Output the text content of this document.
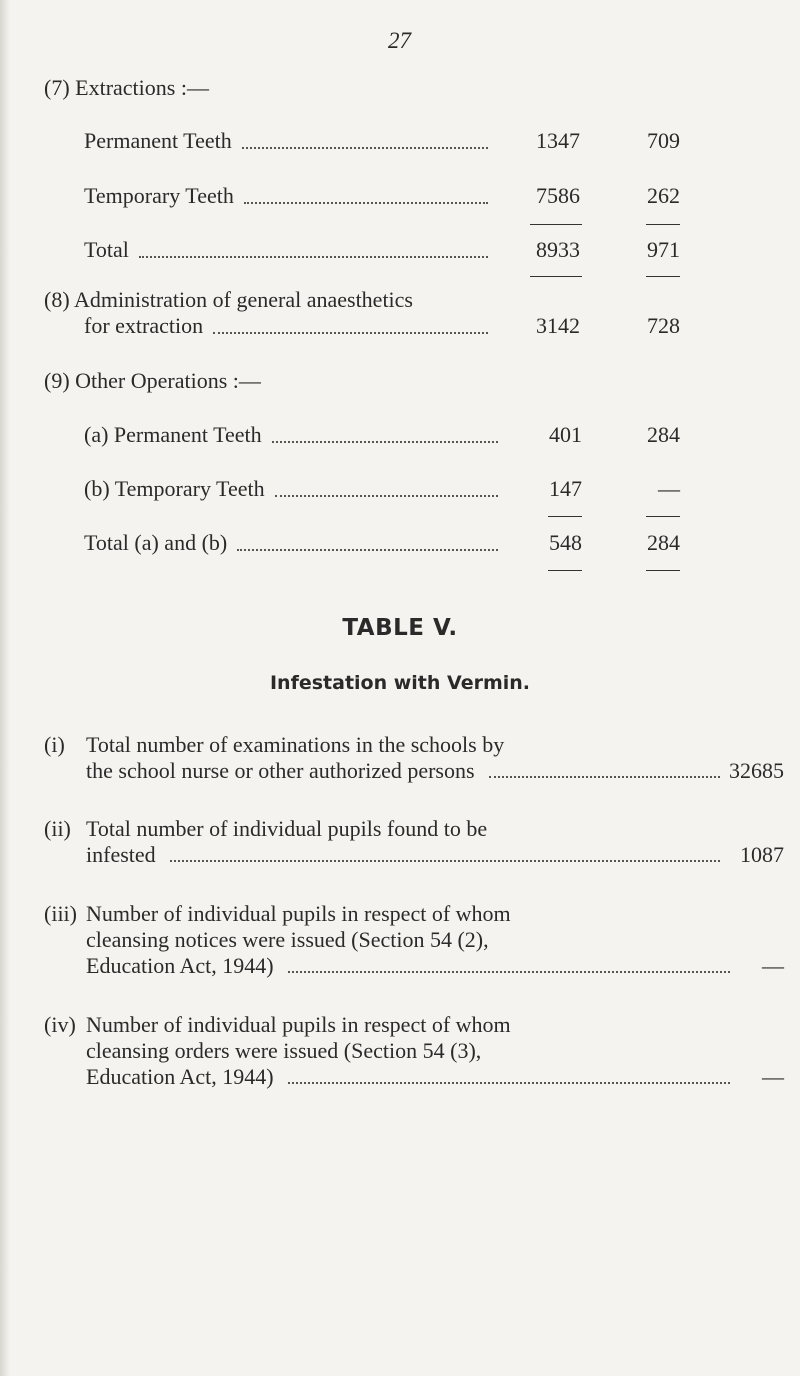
27
(7) Extractions :—
Permanent Teeth	1347	709
Temporary Teeth	7586	262
Total	8933	971
(8) Administration of general anaesthetics
for extraction	3142	728
(9) Other Operations :—
(a) Permanent Teeth	401	284
(b) Temporary Teeth	147	—
Total (a) and (b)	548	284
TABLE V.
Infestation with Vermin.
(i) Total number of examinations in the schools by
the school nurse or other authorized persons	32685
(ii) Total number of individual pupils found to be
infested	1087
(iii) Number of individual pupils in respect of whom
cleansing notices were issued (Section 54 (2),
Education Act, 1944)	—
(iv) Number of individual pupils in respect of whom
cleansing orders were issued (Section 54 (3),
Education Act, 1944)	—
